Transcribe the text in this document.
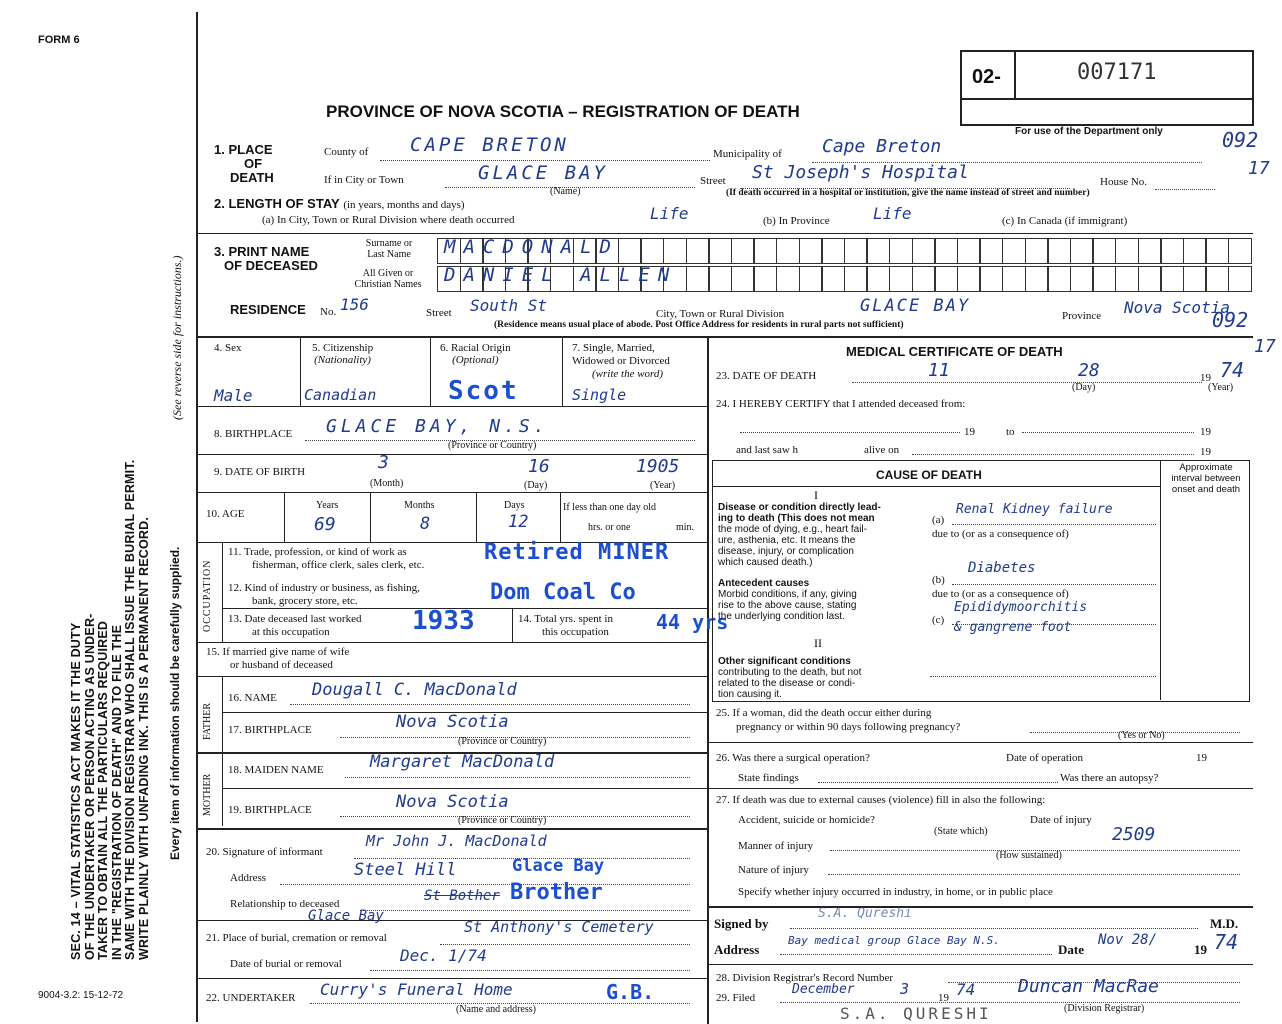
FORM 6
SEC. 14 – VITAL STATISTICS ACT MAKES IT THE DUTY OF THE UNDERTAKER OR PERSON ACTING AS UNDER- TAKER TO OBTAIN ALL THE PARTICULARS REQUIRED IN THE "REGISTRATION OF DEATH" AND TO FILE THE SAME WITH THE DIVISION REGISTRAR WHO SHALL ISSUE THE BURIAL PERMIT. WRITE PLAINLY WITH UNFADING INK. THIS IS A PERMANENT RECORD. Every item of information should be carefully supplied.
(See reverse side for instructions.)
9004-3.2: 15-12-72
PROVINCE OF NOVA SCOTIA – REGISTRATION OF DEATH
02-	007171
For use of the Department only	092
17
092
17
1. PLACE
OF
DEATH
County of CAPE BRETON	Municipality of Cape Breton
If in City or Town	GLACE BAY
(Name)
Street St Joseph's Hospital	House No.
(If death occurred in a hospital or institution, give the name instead of street and number)
2. LENGTH OF STAY (in years, months and days)
(a) In City, Town or Rural Division where death occurred	Life	(b) In Province	Life	(c) In Canada (if immigrant)
3. PRINT NAME
OF DECEASED
Surname or
Last Name
All Given or
Christian Names
MACDONALD
DANIEL ALLEN
RESIDENCE No. 156	Street South St	City, Town or Rural Division	GLACE BAY	Province Nova Scotia
(Residence means usual place of abode. Post Office Address for residents in rural parts not sufficient)
4. Sex	5. Citizenship
(Nationality)
6. Racial Origin
(Optional)
7. Single, Married,
Widowed or Divorced
(write the word)
Male	Canadian	Scot	Single
8. BIRTHPLACE GLACE BAY, N.S.
(Province or Country)
9. DATE OF BIRTH	3	16	1905
(Month)	(Day)	(Year)
10. AGE
Years	Months	Days
69	8	12
If less than one day old
hrs. or one	min.
OCCUPATION
11. Trade, profession, or kind of work as
fisherman, office clerk, sales clerk, etc.	Retired MINER
12. Kind of industry or business, as fishing,
bank, grocery store, etc.	Dom Coal Co
13. Date deceased last worked
at this occupation	1933	14. Total yrs. spent in
this occupation 44 yrs
15. If married give name of wife
or husband of deceased
FATHER
MOTHER
16. NAME Dougall C. MacDonald
17. BIRTHPLACE	Nova Scotia
(Province or Country)
18. MAIDEN NAME	Margaret MacDonald
19. BIRTHPLACE	Nova Scotia
(Province or Country)
20. Signature of informant
Mr John J. MacDonald
Address	Steel Hill	Glace Bay
Relationship to deceased	St Bother Brother
Glace Bay
21. Place of burial, cremation or removal
St Anthony's Cemetery
Date of burial or removal	Dec. 1/74
22. UNDERTAKER Curry's Funeral Home	G.B.
(Name and address)
MEDICAL CERTIFICATE OF DEATH
23. DATE OF DEATH	11	28	19 74
(Day)	(Year)
24. I HEREBY CERTIFY that I attended deceased from:
19	to	19
and last saw h	alive on	19
CAUSE OF DEATH
Approximate interval between onset and death
I
Disease or condition directly lead-
ing to death (This does not mean
the mode of dying, e.g., heart fail-
ure, asthenia, etc. It means the
disease, injury, or complication
which caused death.)
(a)
Renal Kidney failure
due to (or as a consequence of)
Antecedent causes
Morbid conditions, if any, giving
rise to the above cause, stating
the underlying condition last.
(b)
Diabetes
due to (or as a consequence of)
(c)
Epididymoorchitis
& gangrene foot
II
Other significant conditions
contributing to the death, but not
related to the disease or condi-
tion causing it.
25. If a woman, did the death occur either during
pregnancy or within 90 days following pregnancy?
(Yes or No)
26. Was there a surgical operation?	Date of operation	19
State findings	Was there an autopsy?
27. If death was due to external causes (violence) fill in also the following:
Accident, suicide or homicide?	Date of injury
(State which)
Manner of injury
2509
(How sustained)
Nature of injury
Specify whether injury occurred in industry, in home, or in public place
Signed by
S.A. Qureshi
M.D.
Address
Bay medical group Glace Bay N.S.
Date
Nov 28/
19 74
28. Division Registrar's Record Number
29. Filed
December	3	19 74 Duncan MacRae
(Division Registrar)
S.A. QURESHI
